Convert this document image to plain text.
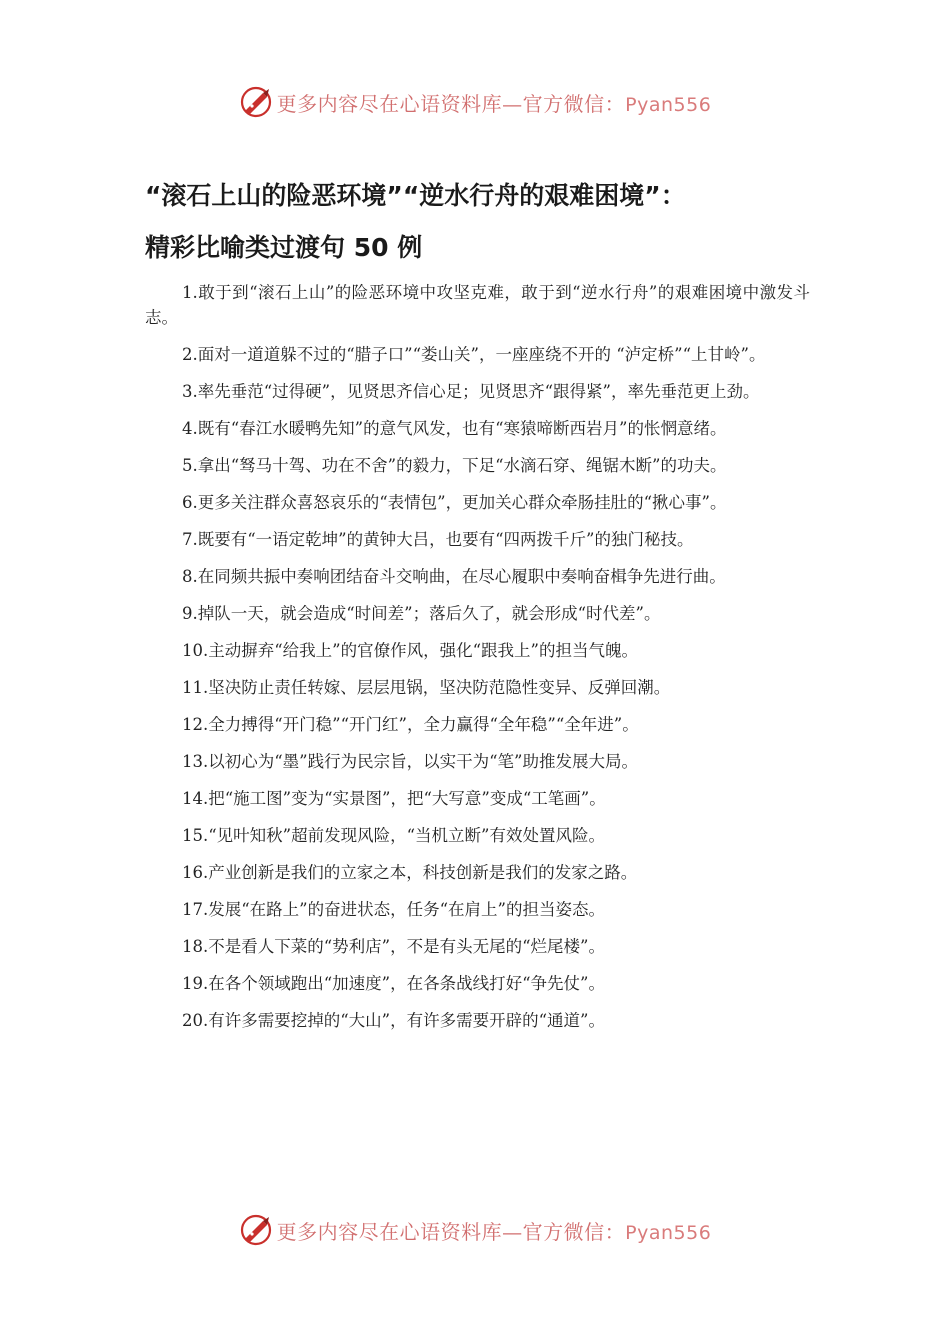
更多内容尽在心语资料库—官方微信：Pyan556
“滚石上山的险恶环境”“逆水行舟的艰难困境”：
精彩比喻类过渡句 50 例
1.敢于到“滚石上山”的险恶环境中攻坚克难，敢于到“逆水行舟”的艰难困境中激发斗志。
2.面对一道道躲不过的“腊子口”“娄山关”，一座座绕不开的 “泸定桥”“上甘岭”。
3.率先垂范“过得硬”，见贤思齐信心足；见贤思齐“跟得紧”，率先垂范更上劲。
4.既有“春江水暖鸭先知”的意气风发，也有“寒猿啼断西岩月”的怅惘意绪。
5.拿出“驽马十驾、功在不舍”的毅力，下足“水滴石穿、绳锯木断”的功夫。
6.更多关注群众喜怒哀乐的“表情包”，更加关心群众牵肠挂肚的“揪心事”。
7.既要有“一语定乾坤”的黄钟大吕，也要有“四两拨千斤”的独门秘技。
8.在同频共振中奏响团结奋斗交响曲，在尽心履职中奏响奋楫争先进行曲。
9.掉队一天，就会造成“时间差”；落后久了，就会形成“时代差”。
10.主动摒弃“给我上”的官僚作风，强化“跟我上”的担当气魄。
11.坚决防止责任转嫁、层层甩锅，坚决防范隐性变异、反弹回潮。
12.全力搏得“开门稳”“开门红”，全力赢得“全年稳”“全年进”。
13.以初心为“墨”践行为民宗旨，以实干为“笔”助推发展大局。
14.把“施工图”变为“实景图”，把“大写意”变成“工笔画”。
15.“见叶知秋”超前发现风险，“当机立断”有效处置风险。
16.产业创新是我们的立家之本，科技创新是我们的发家之路。
17.发展“在路上”的奋进状态，任务“在肩上”的担当姿态。
18.不是看人下菜的“势利店”，不是有头无尾的“烂尾楼”。
19.在各个领域跑出“加速度”，在各条战线打好“争先仗”。
20.有许多需要挖掉的“大山”，有许多需要开辟的“通道”。
更多内容尽在心语资料库—官方微信：Pyan556
